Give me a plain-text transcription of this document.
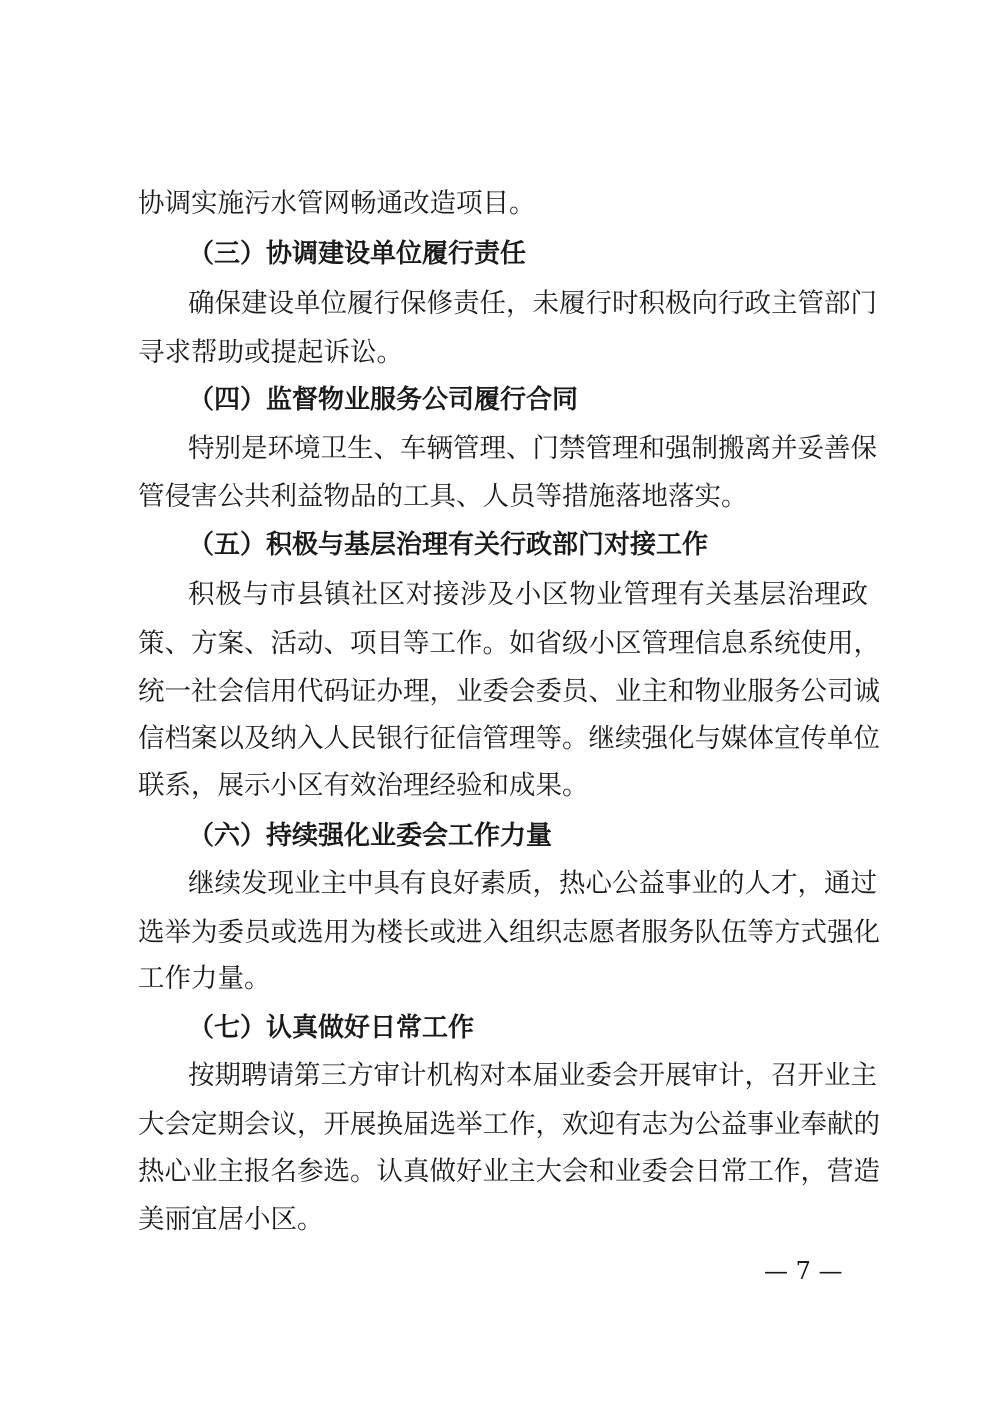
协调实施污水管网畅通改造项目。
（三）协调建设单位履行责任
确保建设单位履行保修责任，未履行时积极向行政主管部门
寻求帮助或提起诉讼。
（四）监督物业服务公司履行合同
特别是环境卫生、车辆管理、门禁管理和强制搬离并妥善保
管侵害公共利益物品的工具、人员等措施落地落实。
（五）积极与基层治理有关行政部门对接工作
积极与市县镇社区对接涉及小区物业管理有关基层治理政
策、方案、活动、项目等工作。如省级小区管理信息系统使用，
统一社会信用代码证办理，业委会委员、业主和物业服务公司诚
信档案以及纳入人民银行征信管理等。继续强化与媒体宣传单位
联系，展示小区有效治理经验和成果。
（六）持续强化业委会工作力量
继续发现业主中具有良好素质，热心公益事业的人才，通过
选举为委员或选用为楼长或进入组织志愿者服务队伍等方式强化
工作力量。
（七）认真做好日常工作
按期聘请第三方审计机构对本届业委会开展审计，召开业主
大会定期会议，开展换届选举工作，欢迎有志为公益事业奉献的
热心业主报名参选。认真做好业主大会和业委会日常工作，营造
美丽宜居小区。
— 7 —
